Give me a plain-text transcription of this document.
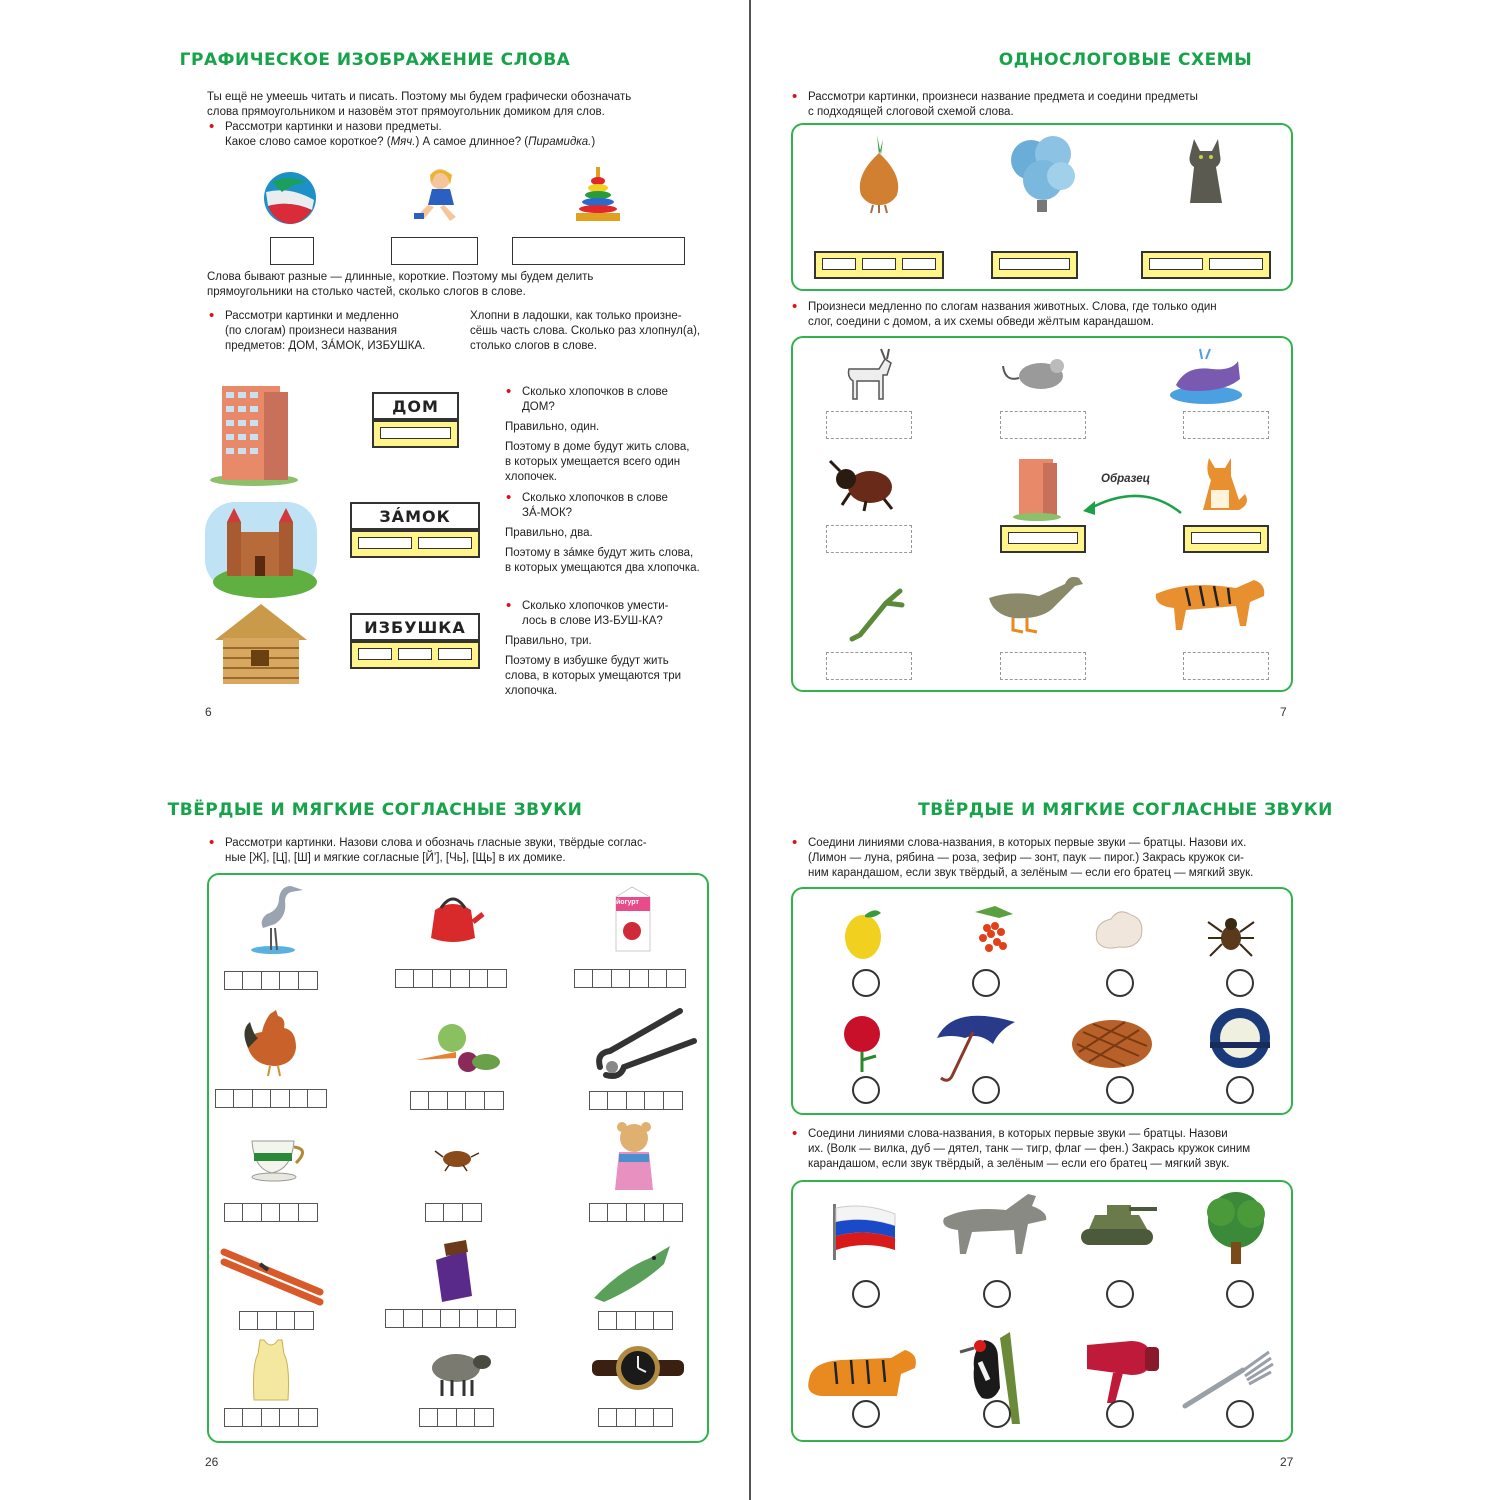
ГРАФИЧЕСКОЕ ИЗОБРАЖЕНИЕ СЛОВА
Ты ещё не умеешь читать и писать. Поэтому мы будем графически обозначать
слова прямоугольником и назовём этот прямоугольник домиком для слов.
• Рассмотри картинки и назови предметы.
Какое слово самое короткое? (Мяч.) А самое длинное? (Пирамидка.)
Слова бывают разные — длинные, короткие. Поэтому мы будем делить
прямоугольники на столько частей, сколько слогов в слове.
• Рассмотри картинки и медленно
(по слогам) произнеси названия
предметов: ДОМ, ЗÁМОК, ИЗБУШКА.
Хлопни в ладошки, как только произне-
сёшь часть слова. Сколько раз хлопнул(а),
столько слогов в слове.
ДОМ
ЗÁМОК
ИЗБУШКА
• Сколько хлопочков в слове
ДОМ?
Правильно, один.
Поэтому в доме будут жить слова,
в которых умещается всего один
хлопочек.
• Сколько хлопочков в слове
ЗÁ-МОК?
Правильно, два.
Поэтому в зáмке будут жить слова,
в которых умещаются два хлопочка.
• Сколько хлопочков умести-
лось в слове ИЗ-БУШ-КА?
Правильно, три.
Поэтому в избушке будут жить
слова, в которых умещаются три
хлопочка.
6
ОДНОСЛОГОВЫЕ СХЕМЫ
• Рассмотри картинки, произнеси название предмета и соедини предметы
с подходящей слоговой схемой слова.
• Произнеси медленно по слогам названия животных. Слова, где только один
слог, соедини с домом, а их схемы обведи жёлтым карандашом.
Образец
7
ТВЁРДЫЕ И МЯГКИЕ СОГЛАСНЫЕ ЗВУКИ
• Рассмотри картинки. Назови слова и обозначь гласные звуки, твёрдые соглас-
ные [Ж], [Ц], [Ш] и мягкие согласные [Й’], [Чь], [Щь] в их домике.
йогурт
26
ТВЁРДЫЕ И МЯГКИЕ СОГЛАСНЫЕ ЗВУКИ
• Соедини линиями слова-названия, в которых первые звуки — братцы. Назови их.
(Лимон — луна, рябина — роза, зефир — зонт, паук — пирог.) Закрась кружок си-
ним карандашом, если звук твёрдый, а зелёным — если его братец — мягкий звук.
• Соедини линиями слова-названия, в которых первые звуки — братцы. Назови
их. (Волк — вилка, дуб — дятел, танк — тигр, флаг — фен.) Закрась кружок синим
карандашом, если звук твёрдый, а зелёным — если его братец — мягкий звук.
27
